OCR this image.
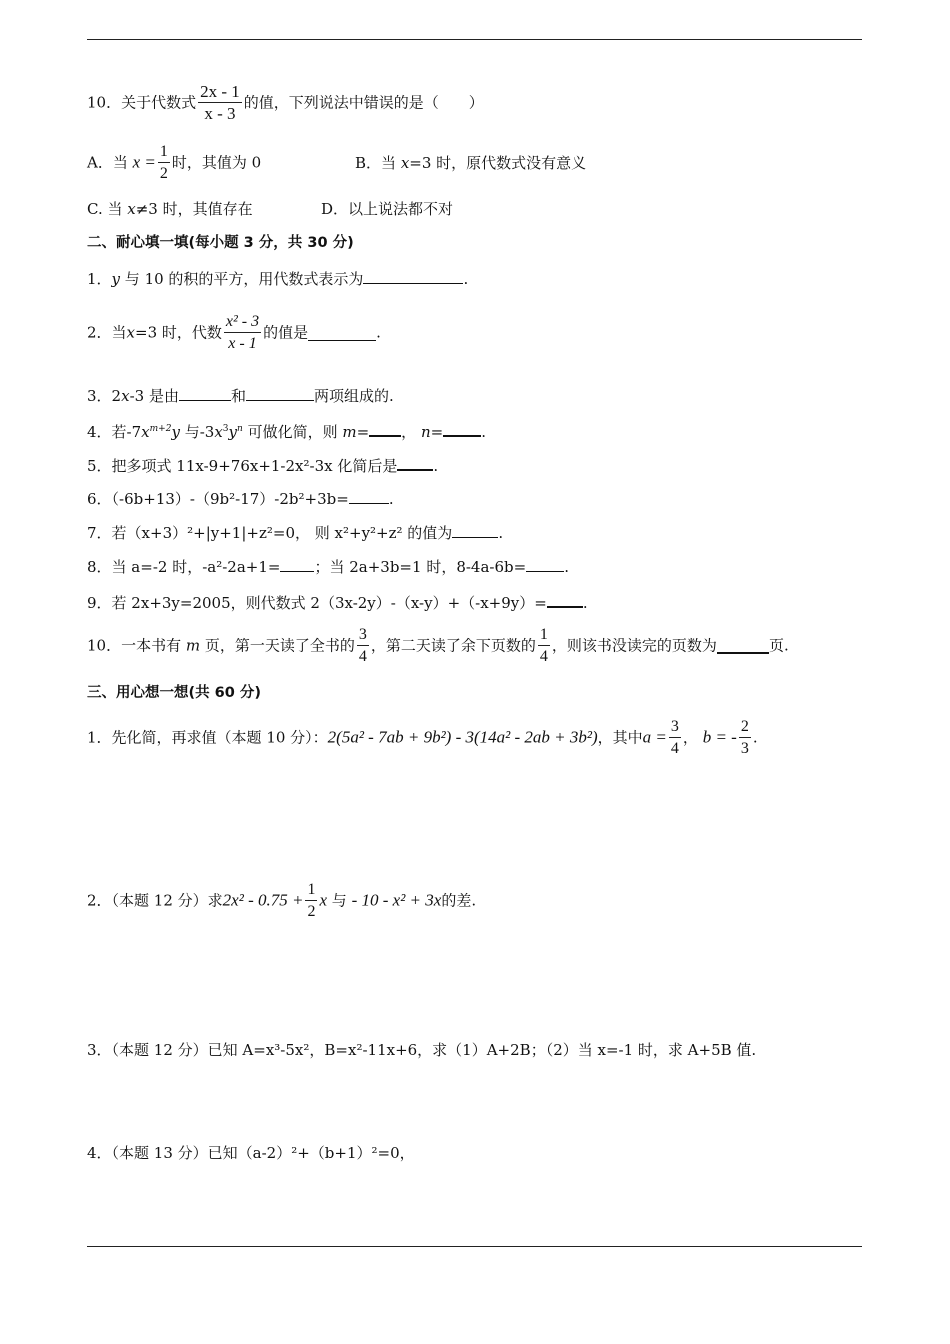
10．关于代数式 $\frac{2x - 1}{x - 3}$ 的值，下列说法中错误的是（　　）
A．当 $x = \frac{1}{2}$ 时，其值为 0	B．当 x=3 时，原代数式没有意义
C. 当 x≠3 时，其值存在	D．以上说法都不对
二、耐心填一填(每小题 3 分，共 30 分)
1．y 与 10 的积的平方，用代数式表示为	.
2．当x=3 时，代数 $\frac{\text{x² - 3}}{x - 1}$ 的值是	.
3．2x-3 是由	和	两项组成的.
4．若$-7x^{m+2}y$ 与$-3x^3y^n$ 可做化简，则 m= ， n=	.
5．把多项式 11x-9+76x+1-2x²-3x 化简后是 .
6．（-6b+13）-（9b²-17）-2b²+3b=	.
7．若（x+3）²+|y+1|+z²=0， 则 x²+y²+z² 的值为	.
8．当 a=-2 时，-a²-2a+1= ；当 2a+3b=1 时，8-4a-6b=	.
9．若 2x+3y=2005，则代数式 2（3x-2y）-（x-y）+（-x+9y）= .
10．一本书有 m 页，第一天读了全书的 $\frac{3}{4}$ ，第二天读了余下页数的 $\frac{1}{4}$ ，则该书没读完的页数为	页.
三、用心想一想(共 60 分)
1．先化简，再求值（本题 10 分）：2(5a² - 7ab + 9b²) - 3(14a² - 2ab + 3b²)，其中$a = \frac{3}{4}$ ， b = - $\frac{2}{3}$ .
2．（本题 12 分）求$2x^2 - 0.75 + \frac{1}{2}$ x 与 - 10 - x² + 3x的差.
3．（本题 12 分）已知 A=x³-5x²，B=x²-11x+6，求（1）A+2B；（2）当 x=-1 时，求 A+5B 值.
4．（本题 13 分）已知（a-2）²+（b+1）²=0，
